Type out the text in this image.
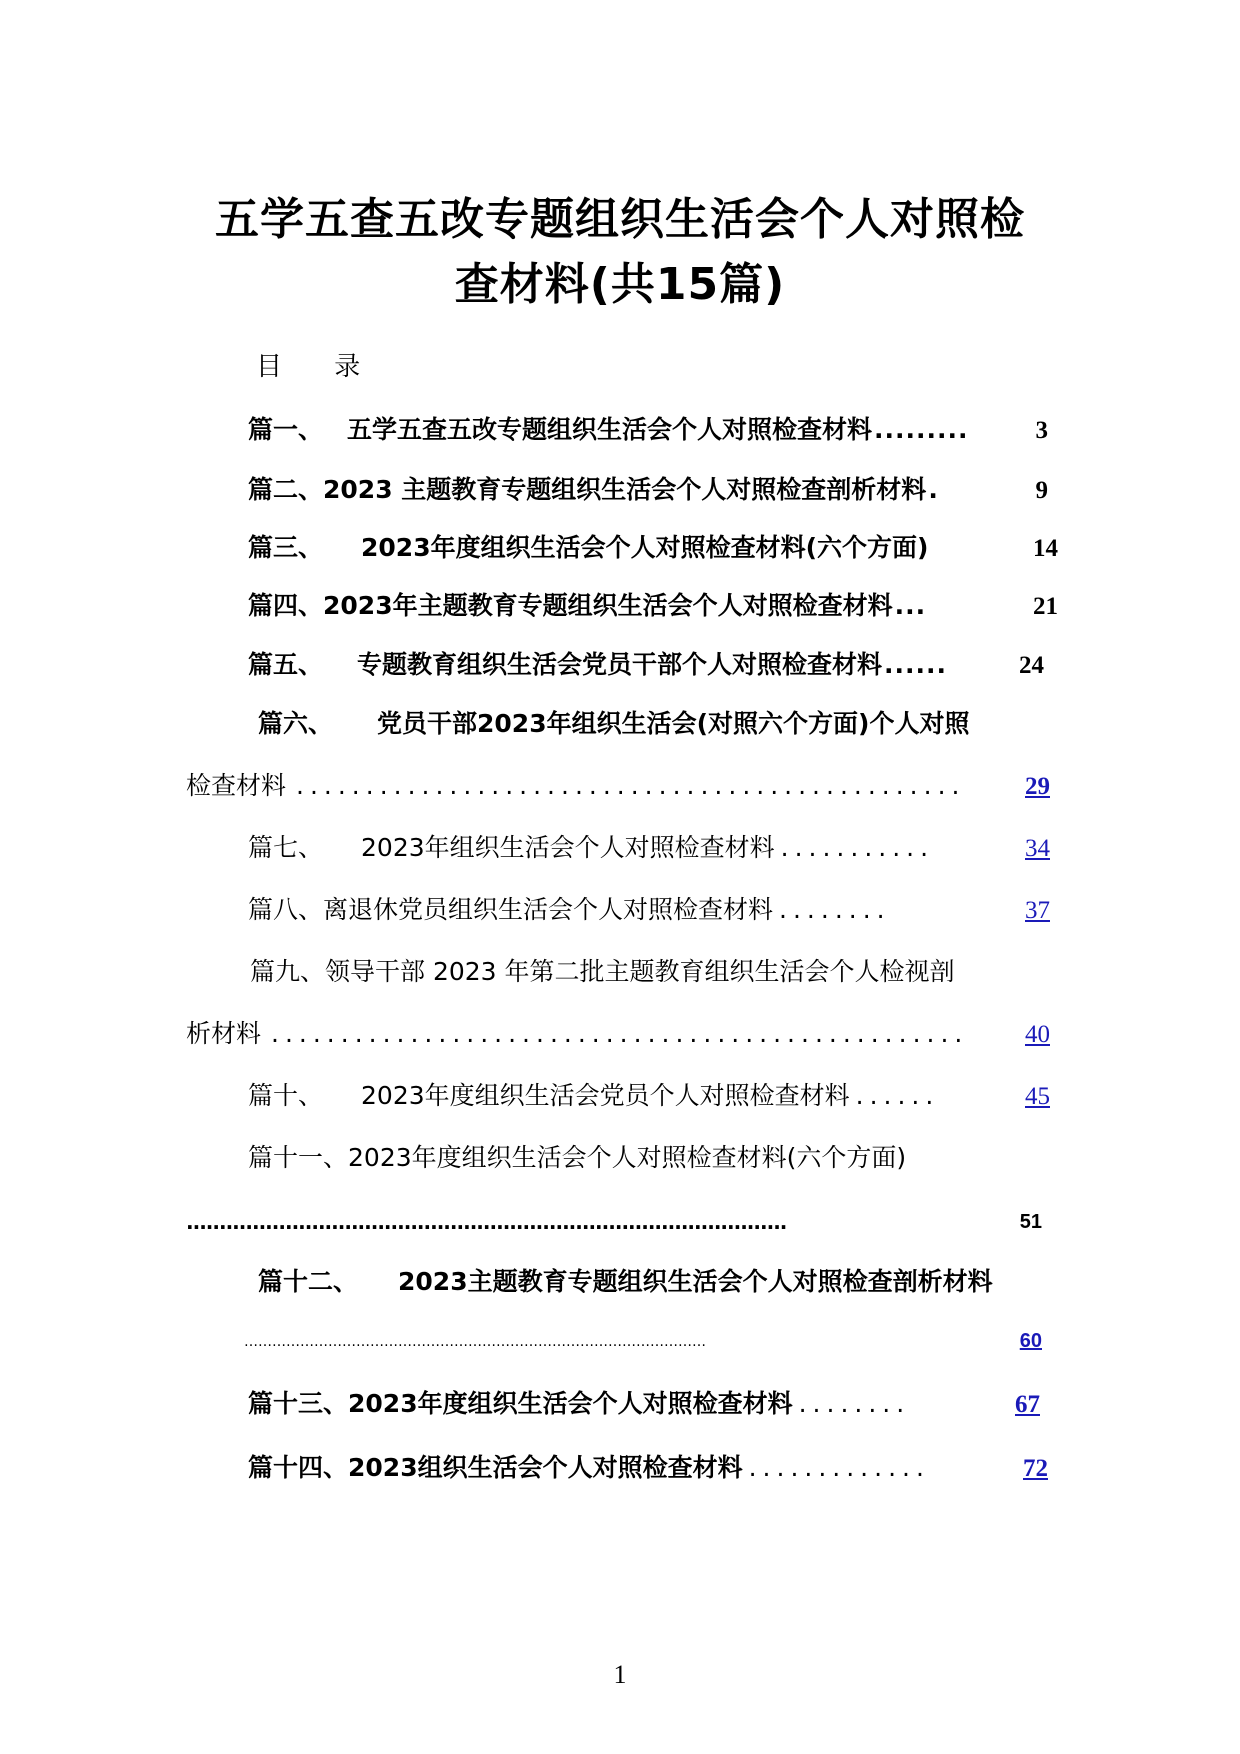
五学五查五改专题组织生活会个人对照检
查材料(共15篇)
目 录
篇一、 五学五查五改专题组织生活会个人对照检查材料 .........	3
篇二、 2023 主题教育专题组织生活会个人对照检查剖析材料 .	9
篇三、 2023年度组织生活会个人对照检查材料(六个方面)	14
篇四、 2023年主题教育专题组织生活会个人对照检查材料 ...	21
篇五、 专题教育组织生活会党员干部个人对照检查材料 ......	24
篇六、 党员干部2023年组织生活会(对照六个方面)个人对照
检查材料 ................................................	29
篇七、 2023年组织生活会个人对照检查材料 ...........	34
篇八、 离退休党员组织生活会个人对照检查材料 ........	37
篇九、 领导干部 2023 年第二批主题教育组织生活会个人检视剖
析材料 ..................................................	40
篇十、 2023年度组织生活会党员个人对照检查材料 ......	45
篇十一、 2023年度组织生活会个人对照检查材料(六个方面)
...........................................................................................	51
篇十二、 2023主题教育专题组织生活会个人对照检查剖析材料
………………………………………………………………………………………	60
篇十三、 2023年度组织生活会个人对照检查材料 ........	67
篇十四、 2023组织生活会个人对照检查材料 .............	72
1
